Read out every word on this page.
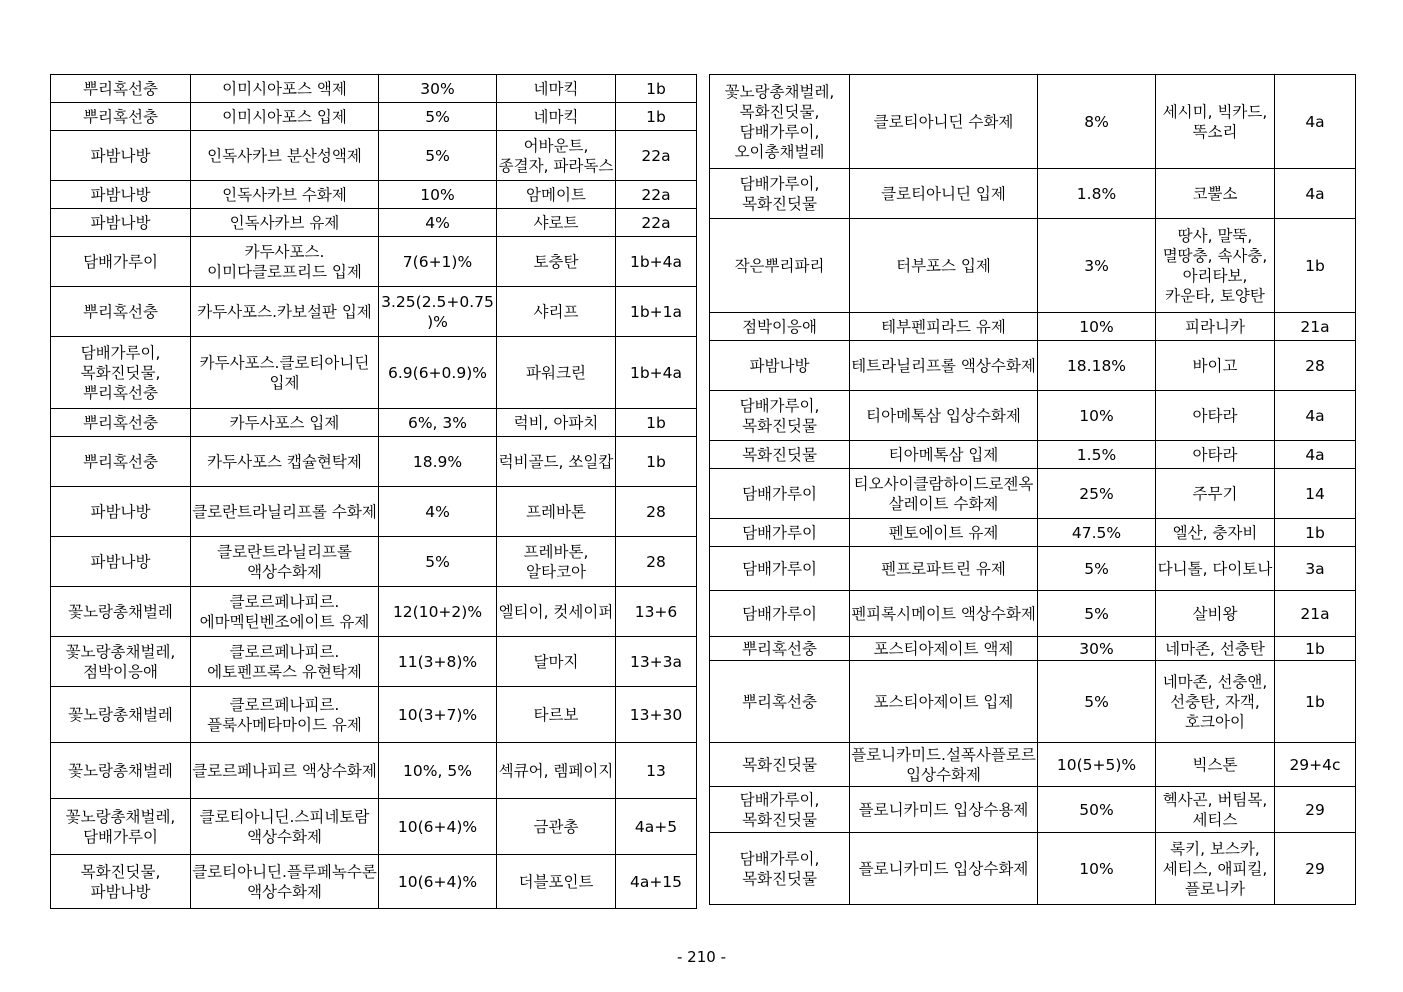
뿌리혹선충	이미시아포스 액제	30%	네마킥	1b
뿌리혹선충	이미시아포스 입제	5%	네마킥	1b
파밤나방	인독사카브 분산성액제	5%	어바운트, 종결자, 파라독스	22a
파밤나방	인독사카브 수화제	10%	암메이트	22a
파밤나방	인독사카브 유제	4%	샤로트	22a
담배가루이	카두사포스.이미다클로프리드 입제	7(6+1)%	토충탄	1b+4a
뿌리혹선충	카두사포스.카보설판 입제	3.25(2.5+0.75)%	샤리프	1b+1a
담배가루이, 목화진딧물, 뿌리혹선충	카두사포스.클로티아니딘 입제	6.9(6+0.9)%	파워크린	1b+4a
뿌리혹선충	카두사포스 입제	6%, 3%	럭비, 아파치	1b
뿌리혹선충	카두사포스 캡슐현탁제	18.9%	럭비골드, 쏘일캅	1b
파밤나방	클로란트라닐리프롤 수화제	4%	프레바톤	28
파밤나방	클로란트라닐리프롤 액상수화제	5%	프레바톤, 알타코아	28
꽃노랑총채벌레	클로르페나피르.에마멕틴벤조에이트 유제	12(10+2)%	엘티이, 컷세이퍼	13+6
꽃노랑총채벌레, 점박이응애	클로르페나피르.에토펜프록스 유현탁제	11(3+8)%	달마지	13+3a
꽃노랑총채벌레	클로르페나피르.플룩사메타마이드 유제	10(3+7)%	타르보	13+30
꽃노랑총채벌레	클로르페나피르 액상수화제	10%, 5%	섹큐어, 렘페이지	13
꽃노랑총채벌레, 담배가루이	클로티아니딘.스피네토람 액상수화제	10(6+4)%	금관총	4a+5
목화진딧물, 파밤나방	클로티아니딘.플루페녹수론 액상수화제	10(6+4)%	더블포인트	4a+15
꽃노랑총채벌레, 목화진딧물, 담배가루이, 오이총채벌레	클로티아니딘 수화제	8%	세시미, 빅카드, 똑소리	4a
담배가루이, 목화진딧물	클로티아니딘 입제	1.8%	코뿔소	4a
작은뿌리파리	터부포스 입제	3%	땅사, 말뚝, 멸땅충, 속사충, 아리타보, 카운타, 토양탄	1b
점박이응애	테부펜피라드 유제	10%	피라니카	21a
파밤나방	테트라닐리프롤 액상수화제	18.18%	바이고	28
담배가루이, 목화진딧물	티아메톡삼 입상수화제	10%	아타라	4a
목화진딧물	티아메톡삼 입제	1.5%	아타라	4a
담배가루이	티오사이클람하이드로젠옥살레이트 수화제	25%	주무기	14
담배가루이	펜토에이트 유제	47.5%	엘산, 충자비	1b
담배가루이	펜프로파트린 유제	5%	다니톨, 다이토나	3a
담배가루이	펜피록시메이트 액상수화제	5%	살비왕	21a
뿌리혹선충	포스티아제이트 액제	30%	네마존, 선충탄	1b
뿌리혹선충	포스티아제이트 입제	5%	네마존, 선충앤, 선충탄, 자객, 호크아이	1b
목화진딧물	플로니카미드.설폭사플로르 입상수화제	10(5+5)%	빅스톤	29+4c
담배가루이, 목화진딧물	플로니카미드 입상수용제	50%	헥사곤, 버팀목, 세티스	29
담배가루이, 목화진딧물	플로니카미드 입상수화제	10%	록키, 보스카, 세티스, 애피킬, 플로니카	29
- 210 -
